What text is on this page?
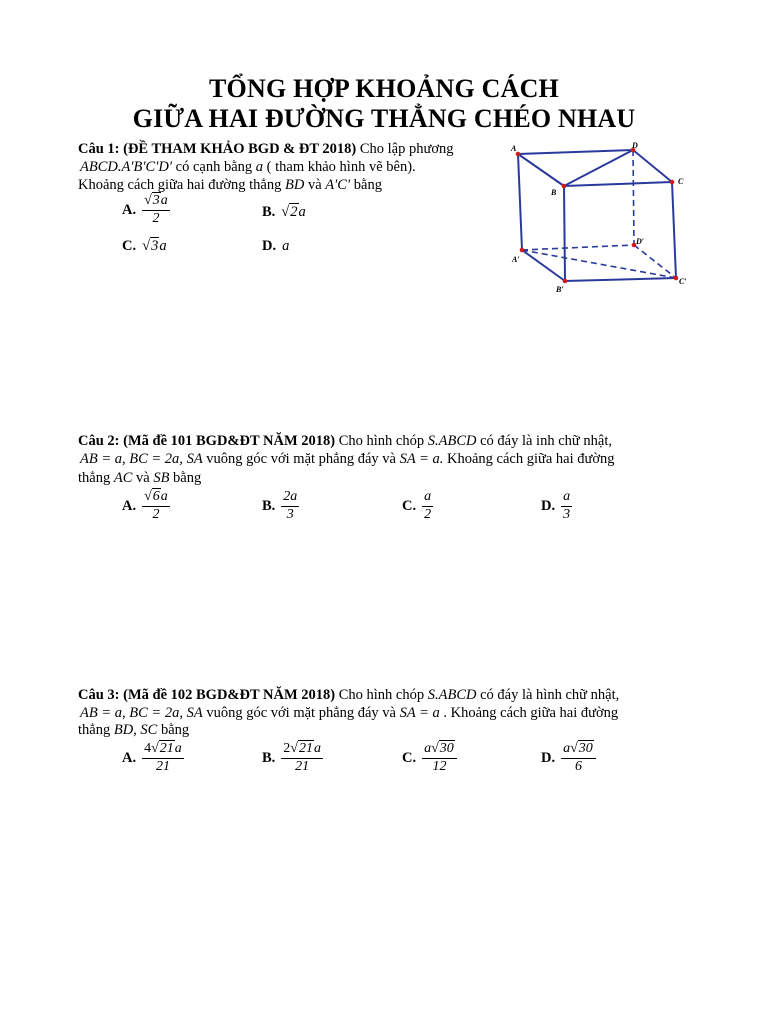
TỔNG HỢP KHOẢNG CÁCH
GIỮA HAI ĐƯỜNG THẲNG CHÉO NHAU
Câu 1: (ĐỀ THAM KHẢO BGD & ĐT 2018) Cho lập phương
ABCD.A′B′C′D′ có cạnh bằng a ( tham khảo hình vẽ bên).
Khoảng cách giữa hai đường thẳng BD và A′C′ bằng
A. $\frac{√3a}{2}$	B. √2a
C. √3a	D. a
A	D
B
C
A′
D′
B′
C′
Câu 2: (Mã đề 101 BGD&ĐT NĂM 2018) Cho hình chóp S.ABCD có đáy là inh chữ nhật,
AB = a, BC = 2a, SA vuông góc với mặt phẳng đáy và SA = a. Khoảng cách giữa hai đường
thẳng AC và SB bằng
A. $\frac{√6a}{2}$	B. $\frac{2a}{3}$	C. $\frac{a}{2}$	D. $\frac{a}{3}$
Câu 3: (Mã đề 102 BGD&ĐT NĂM 2018) Cho hình chóp S.ABCD có đáy là hình chữ nhật,
AB = a, BC = 2a, SA vuông góc với mặt phẳng đáy và SA = a . Khoảng cách giữa hai đường
thẳng BD, SC bằng
A. $\frac{4√21a}{21}$	B. $\frac{2√21a}{21}$	C. $\frac{a√30}{12}$	D. $\frac{a√30}{6}$
